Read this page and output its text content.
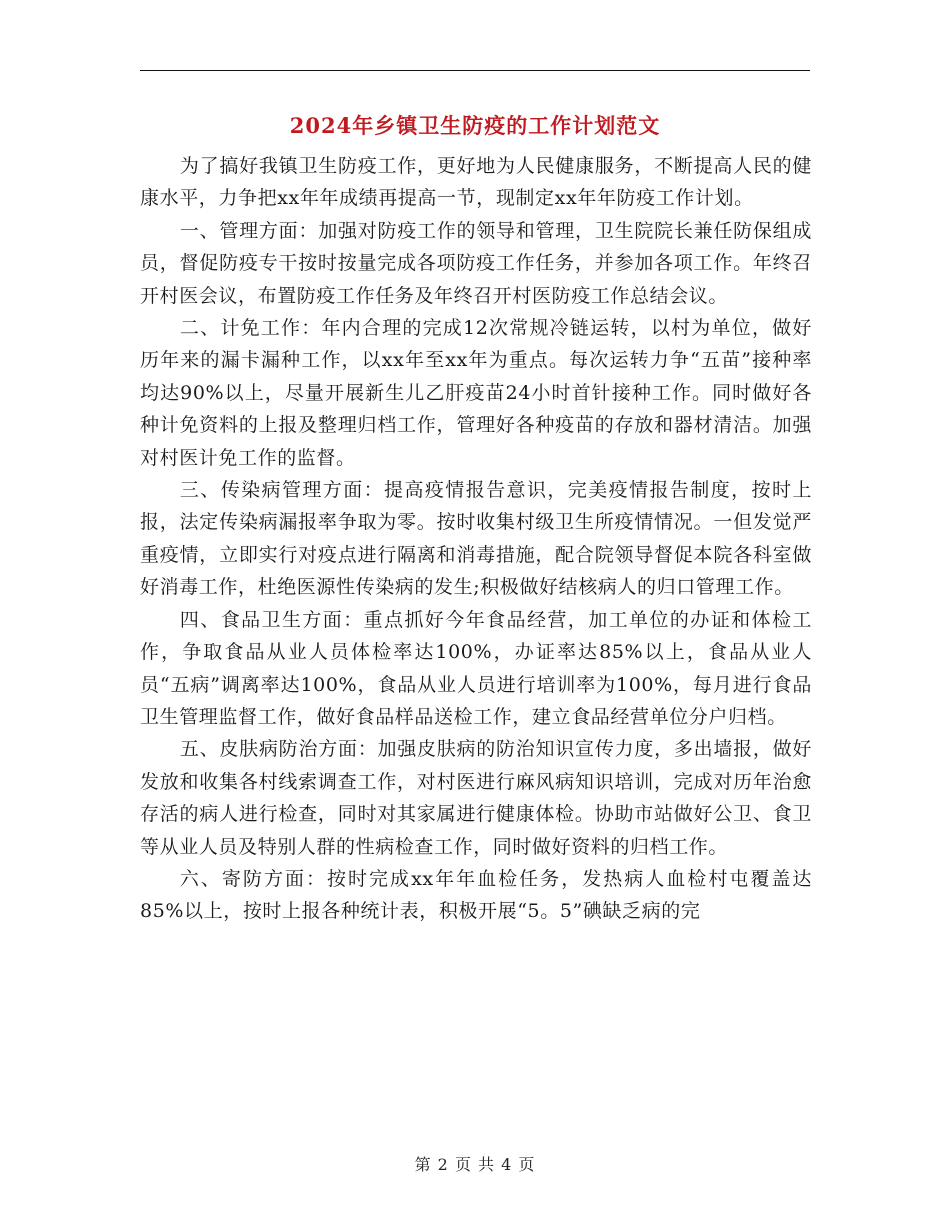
2024年乡镇卫生防疫的工作计划范文

为了搞好我镇卫生防疫工作，更好地为人民健康服务，不断提高人民的健康水平，力争把xx年年成绩再提高一节，现制定xx年年防疫工作计划。

一、管理方面：加强对防疫工作的领导和管理，卫生院院长兼任防保组成员，督促防疫专干按时按量完成各项防疫工作任务，并参加各项工作。年终召开村医会议，布置防疫工作任务及年终召开村医防疫工作总结会议。

二、计免工作：年内合理的完成12次常规冷链运转，以村为单位，做好历年来的漏卡漏种工作，以xx年至xx年为重点。每次运转力争“五苗”接种率均达90%以上，尽量开展新生儿乙肝疫苗24小时首针接种工作。同时做好各种计免资料的上报及整理归档工作，管理好各种疫苗的存放和器材清洁。加强对村医计免工作的监督。

三、传染病管理方面：提高疫情报告意识，完美疫情报告制度，按时上报，法定传染病漏报率争取为零。按时收集村级卫生所疫情情况。一但发觉严重疫情，立即实行对疫点进行隔离和消毒措施，配合院领导督促本院各科室做好消毒工作，杜绝医源性传染病的发生;积极做好结核病人的归口管理工作。

四、食品卫生方面：重点抓好今年食品经营，加工单位的办证和体检工作，争取食品从业人员体检率达100%，办证率达85%以上，食品从业人员“五病”调离率达100%，食品从业人员进行培训率为100%，每月进行食品卫生管理监督工作，做好食品样品送检工作，建立食品经营单位分户归档。

五、皮肤病防治方面：加强皮肤病的防治知识宣传力度，多出墙报，做好发放和收集各村线索调查工作，对村医进行麻风病知识培训，完成对历年治愈存活的病人进行检查，同时对其家属进行健康体检。协助市站做好公卫、食卫等从业人员及特别人群的性病检查工作，同时做好资料的归档工作。

六、寄防方面：按时完成xx年年血检任务，发热病人血检村屯覆盖达85%以上，按时上报各种统计表，积极开展“5。5”碘缺乏病的完

第 2 页 共 4 页
